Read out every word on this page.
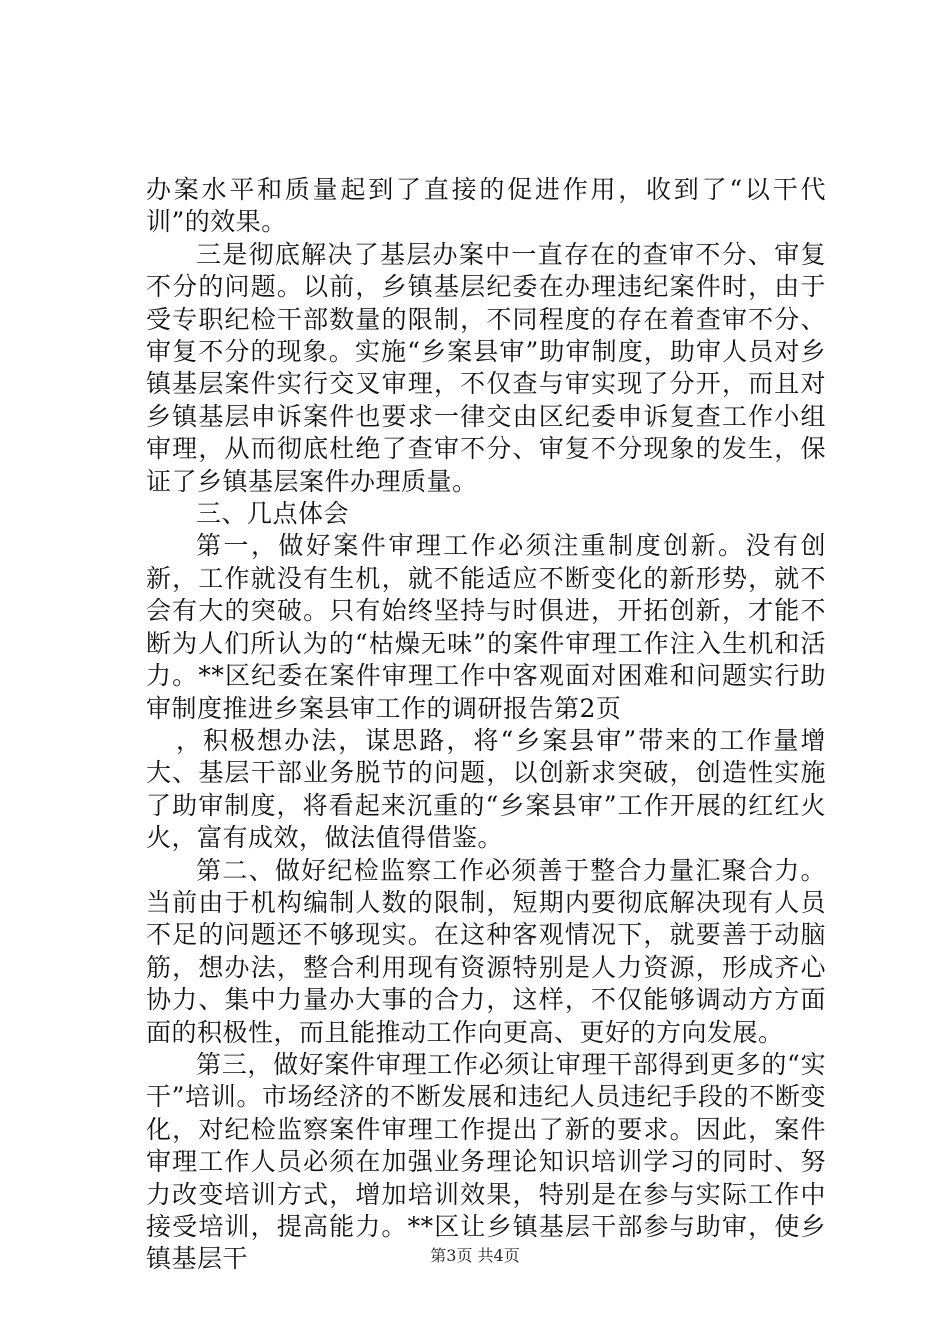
办案水平和质量起到了直接的促进作用，收到了“以干代训”的效果。

三是彻底解决了基层办案中一直存在的查审不分、审复不分的问题。以前，乡镇基层纪委在办理违纪案件时，由于受专职纪检干部数量的限制，不同程度的存在着查审不分、审复不分的现象。实施“乡案县审”助审制度，助审人员对乡镇基层案件实行交叉审理，不仅查与审实现了分开，而且对乡镇基层申诉案件也要求一律交由区纪委申诉复查工作小组审理，从而彻底杜绝了查审不分、审复不分现象的发生，保证了乡镇基层案件办理质量。

三、几点体会

第一，做好案件审理工作必须注重制度创新。没有创新，工作就没有生机，就不能适应不断变化的新形势，就不会有大的突破。只有始终坚持与时俱进，开拓创新，才能不断为人们所认为的“枯燥无味”的案件审理工作注入生机和活力。**区纪委在案件审理工作中客观面对困难和问题实行助审制度推进乡案县审工作的调研报告第2页

，积极想办法，谋思路，将“乡案县审”带来的工作量增大、基层干部业务脱节的问题，以创新求突破，创造性实施了助审制度，将看起来沉重的“乡案县审”工作开展的红红火火，富有成效，做法值得借鉴。

第二、做好纪检监察工作必须善于整合力量汇聚合力。当前由于机构编制人数的限制，短期内要彻底解决现有人员不足的问题还不够现实。在这种客观情况下，就要善于动脑筋，想办法，整合利用现有资源特别是人力资源，形成齐心协力、集中力量办大事的合力，这样，不仅能够调动方方面面的积极性，而且能推动工作向更高、更好的方向发展。

第三，做好案件审理工作必须让审理干部得到更多的“实干”培训。市场经济的不断发展和违纪人员违纪手段的不断变化，对纪检监察案件审理工作提出了新的要求。因此，案件审理工作人员必须在加强业务理论知识培训学习的同时、努力改变培训方式，增加培训效果，特别是在参与实际工作中接受培训，提高能力。**区让乡镇基层干部参与助审，使乡镇基层干	第3页 共4页
